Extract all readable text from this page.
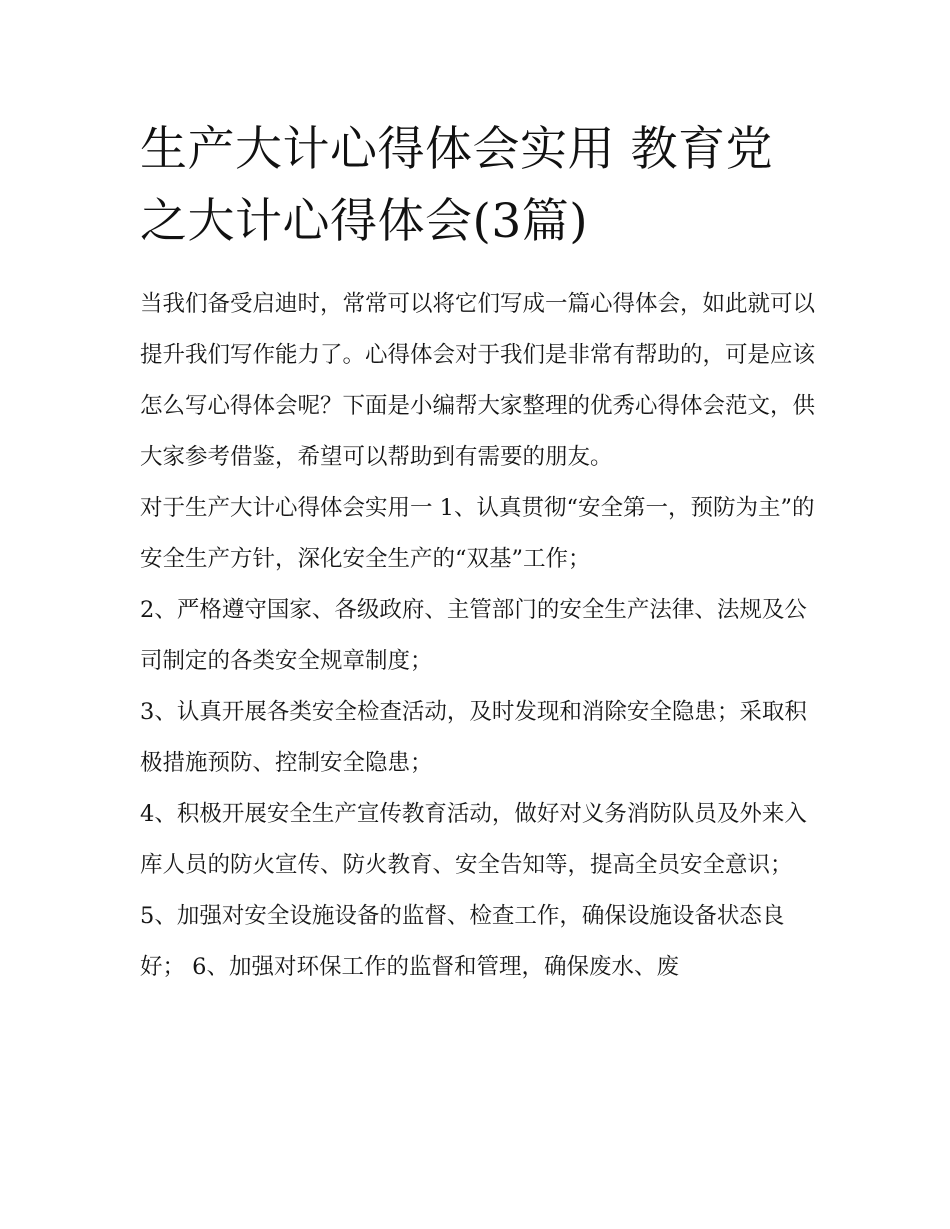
生产大计心得体会实用 教育党之大计心得体会(3篇)

当我们备受启迪时，常常可以将它们写成一篇心得体会，如此就可以提升我们写作能力了。心得体会对于我们是非常有帮助的，可是应该怎么写心得体会呢？下面是小编帮大家整理的优秀心得体会范文，供大家参考借鉴，希望可以帮助到有需要的朋友。

对于生产大计心得体会实用一 1、认真贯彻“安全第一，预防为主”的安全生产方针，深化安全生产的“双基”工作；

2、严格遵守国家、各级政府、主管部门的安全生产法律、法规及公司制定的各类安全规章制度；

3、认真开展各类安全检查活动，及时发现和消除安全隐患；采取积极措施预防、控制安全隐患；

4、积极开展安全生产宣传教育活动，做好对义务消防队员及外来入库人员的防火宣传、防火教育、安全告知等，提高全员安全意识；

5、加强对安全设施设备的监督、检查工作，确保设施设备状态良好； 6、加强对环保工作的监督和管理，确保废水、废
